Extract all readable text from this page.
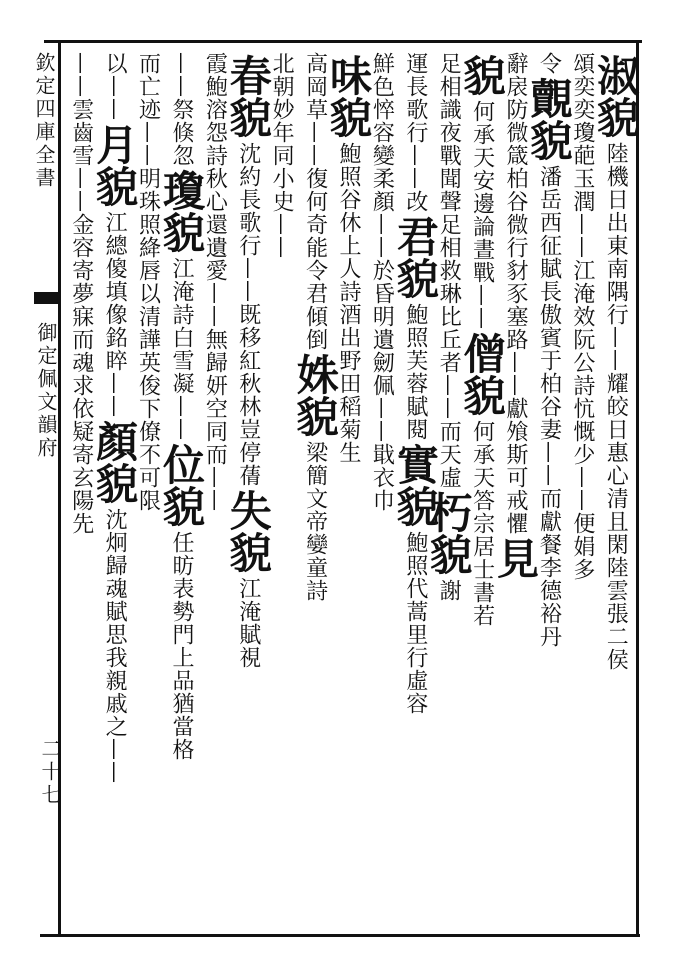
欽定四庫全書
御定佩文韻府
二十七
淑貌
陸機日出東南隅行——耀皎日惠心清且閑陸雲張二侯
頌奕奕瓊葩玉潤——江淹效阮公詩忼慨少——便娟多
令
覿貌
潘岳西征賦長傲賓于柏谷妻——而獻餐李德裕丹
辭
扆防微箴柏谷微行豺豕塞路——獻飧斯可戒懼
見
貌
何承天安邊論晝戰——
僧貌
何承天答宗居士書若
足相識夜戰聞聲足相救
琳比丘者——而天虛
朽貌
謝
運長歌行——改
君貌
鮑照芙蓉賦閱
實貌
鮑照代蒿里行虛容
鮮色悴容變柔顏
——於昏明
遺劒佩——戢衣巾
味貌
鮑照谷休上人詩酒出野田稻菊生
高岡草——復何奇能令君傾倒
姝貌
梁簡文帝孌童詩
北朝
妙年同小史——
春貌
沈約長歌行——既移紅
秋林豈停蒨
失貌
江淹賦視
霞
鮑溶怨詩秋心還遺愛——無歸妍
空同而——
——祭倏忽
瓊貌
江淹詩白雪凝——
位貌
任昉表勢門上品猶當格
而亡迹
——明珠照絳唇
以清譁英俊下僚不可限
以——
月貌
江總傻填像銘睟
——
顏貌
沈炯歸魂賦思我親戚之——
——
雲齒雪——金容
寄夢寐而魂求依疑寄玄陽先
